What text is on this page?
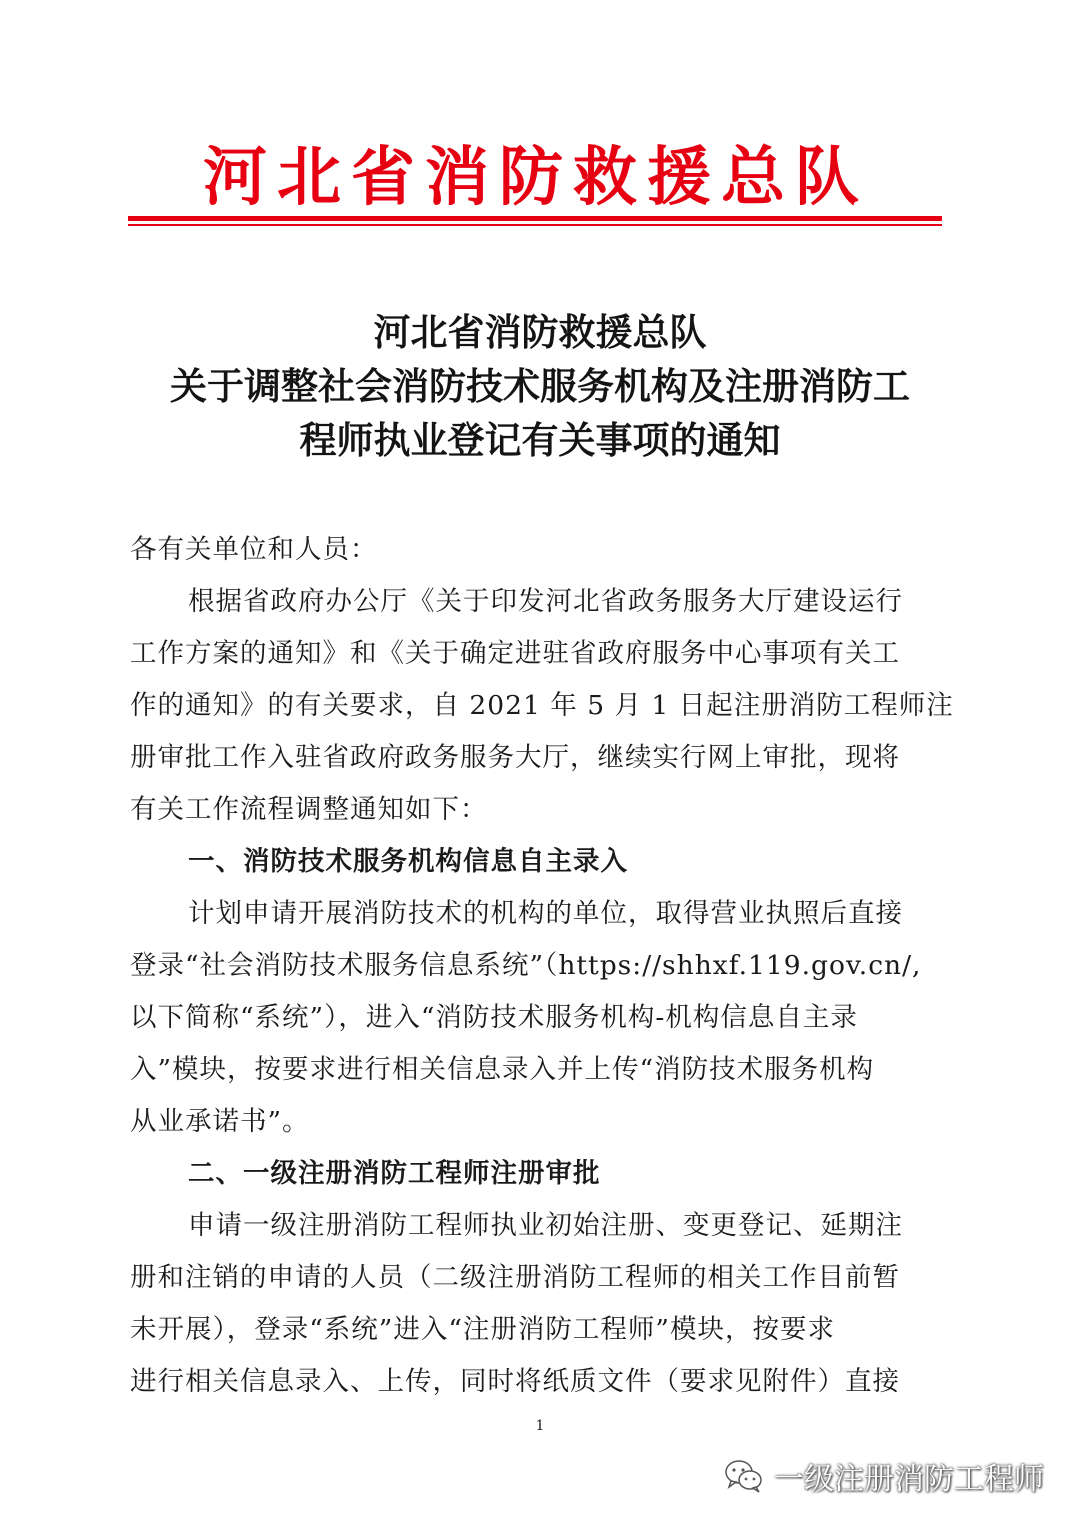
河北省消防救援总队
河北省消防救援总队
关于调整社会消防技术服务机构及注册消防工
程师执业登记有关事项的通知

各有关单位和人员：

根据省政府办公厅《关于印发河北省政务服务大厅建设运行

工作方案的通知》和《关于确定进驻省政府服务中心事项有关工

作的通知》的有关要求，自 2021 年 5 月 1 日起注册消防工程师注

册审批工作入驻省政府政务服务大厅，继续实行网上审批，现将

有关工作流程调整通知如下：

一、消防技术服务机构信息自主录入

计划申请开展消防技术的机构的单位，取得营业执照后直接

登录“社会消防技术服务信息系统”（https://shhxf.119.gov.cn/,

以下简称“系统”），进入“消防技术服务机构-机构信息自主录

入”模块，按要求进行相关信息录入并上传“消防技术服务机构

从业承诺书”。

二、一级注册消防工程师注册审批

申请一级注册消防工程师执业初始注册、变更登记、延期注

册和注销的申请的人员（二级注册消防工程师的相关工作目前暂

未开展），登录“系统”进入“注册消防工程师”模块，按要求

进行相关信息录入、上传，同时将纸质文件（要求见附件）直接

1
一级注册消防工程师
